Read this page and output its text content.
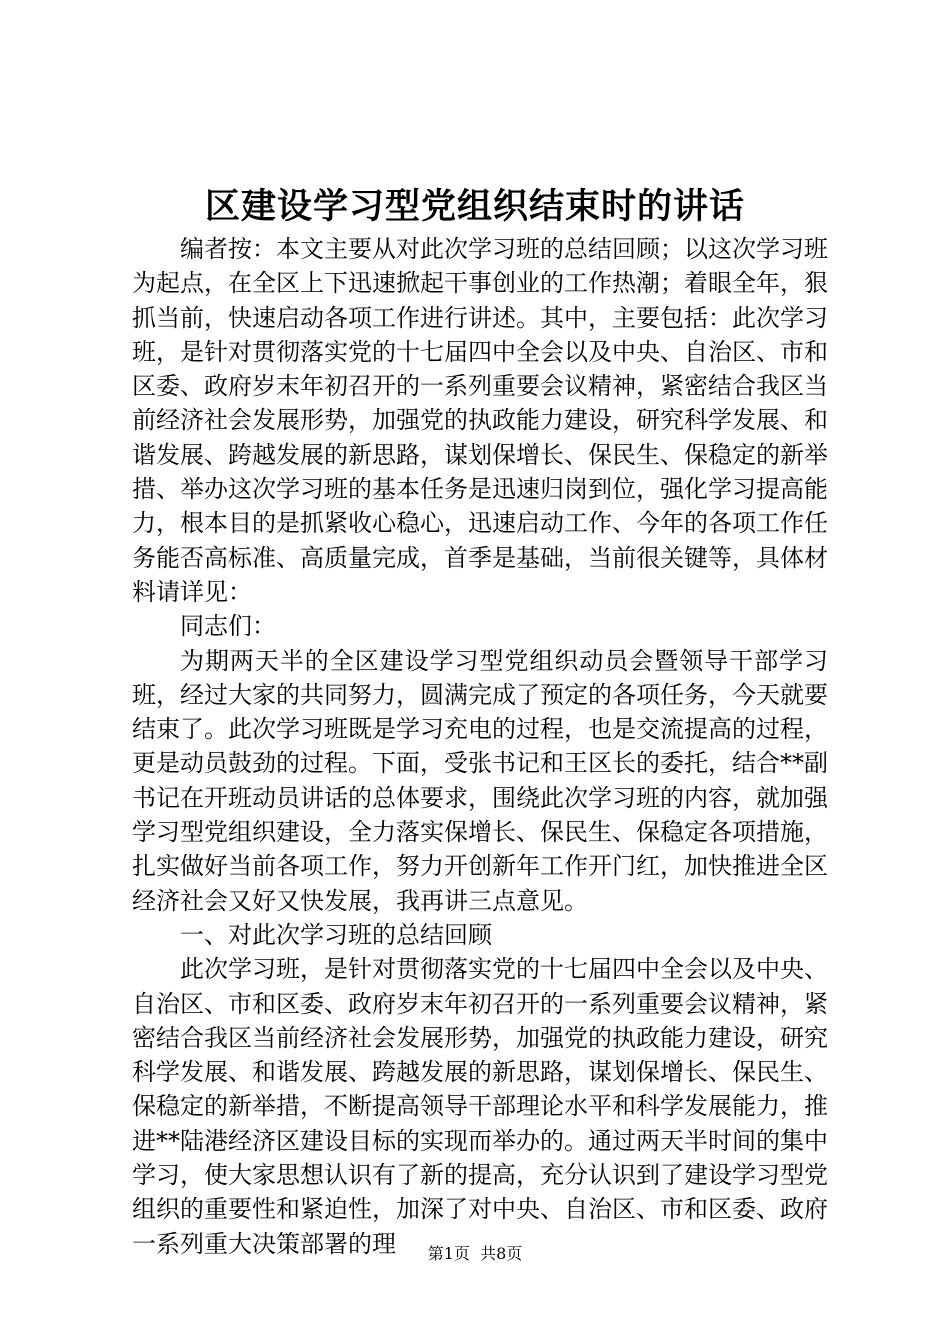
区建设学习型党组织结束时的讲话

编者按：本文主要从对此次学习班的总结回顾；以这次学习班为起点，在全区上下迅速掀起干事创业的工作热潮；着眼全年，狠抓当前，快速启动各项工作进行讲述。其中，主要包括：此次学习班，是针对贯彻落实党的十七届四中全会以及中央、自治区、市和区委、政府岁末年初召开的一系列重要会议精神，紧密结合我区当前经济社会发展形势，加强党的执政能力建设，研究科学发展、和谐发展、跨越发展的新思路，谋划保增长、保民生、保稳定的新举措、举办这次学习班的基本任务是迅速归岗到位，强化学习提高能力，根本目的是抓紧收心稳心，迅速启动工作、今年的各项工作任务能否高标准、高质量完成，首季是基础，当前很关键等，具体材料请详见：

同志们：

为期两天半的全区建设学习型党组织动员会暨领导干部学习班，经过大家的共同努力，圆满完成了预定的各项任务，今天就要结束了。此次学习班既是学习充电的过程，也是交流提高的过程，更是动员鼓劲的过程。下面，受张书记和王区长的委托，结合**副书记在开班动员讲话的总体要求，围绕此次学习班的内容，就加强学习型党组织建设，全力落实保增长、保民生、保稳定各项措施，扎实做好当前各项工作，努力开创新年工作开门红，加快推进全区经济社会又好又快发展，我再讲三点意见。

一、对此次学习班的总结回顾

此次学习班，是针对贯彻落实党的十七届四中全会以及中央、自治区、市和区委、政府岁末年初召开的一系列重要会议精神，紧密结合我区当前经济社会发展形势，加强党的执政能力建设，研究科学发展、和谐发展、跨越发展的新思路，谋划保增长、保民生、保稳定的新举措，不断提高领导干部理论水平和科学发展能力，推进**陆港经济区建设目标的实现而举办的。通过两天半时间的集中学习，使大家思想认识有了新的提高，充分认识到了建设学习型党组织的重要性和紧迫性，加深了对中央、自治区、市和区委、政府一系列重大决策部署的理	第1页 共8页
